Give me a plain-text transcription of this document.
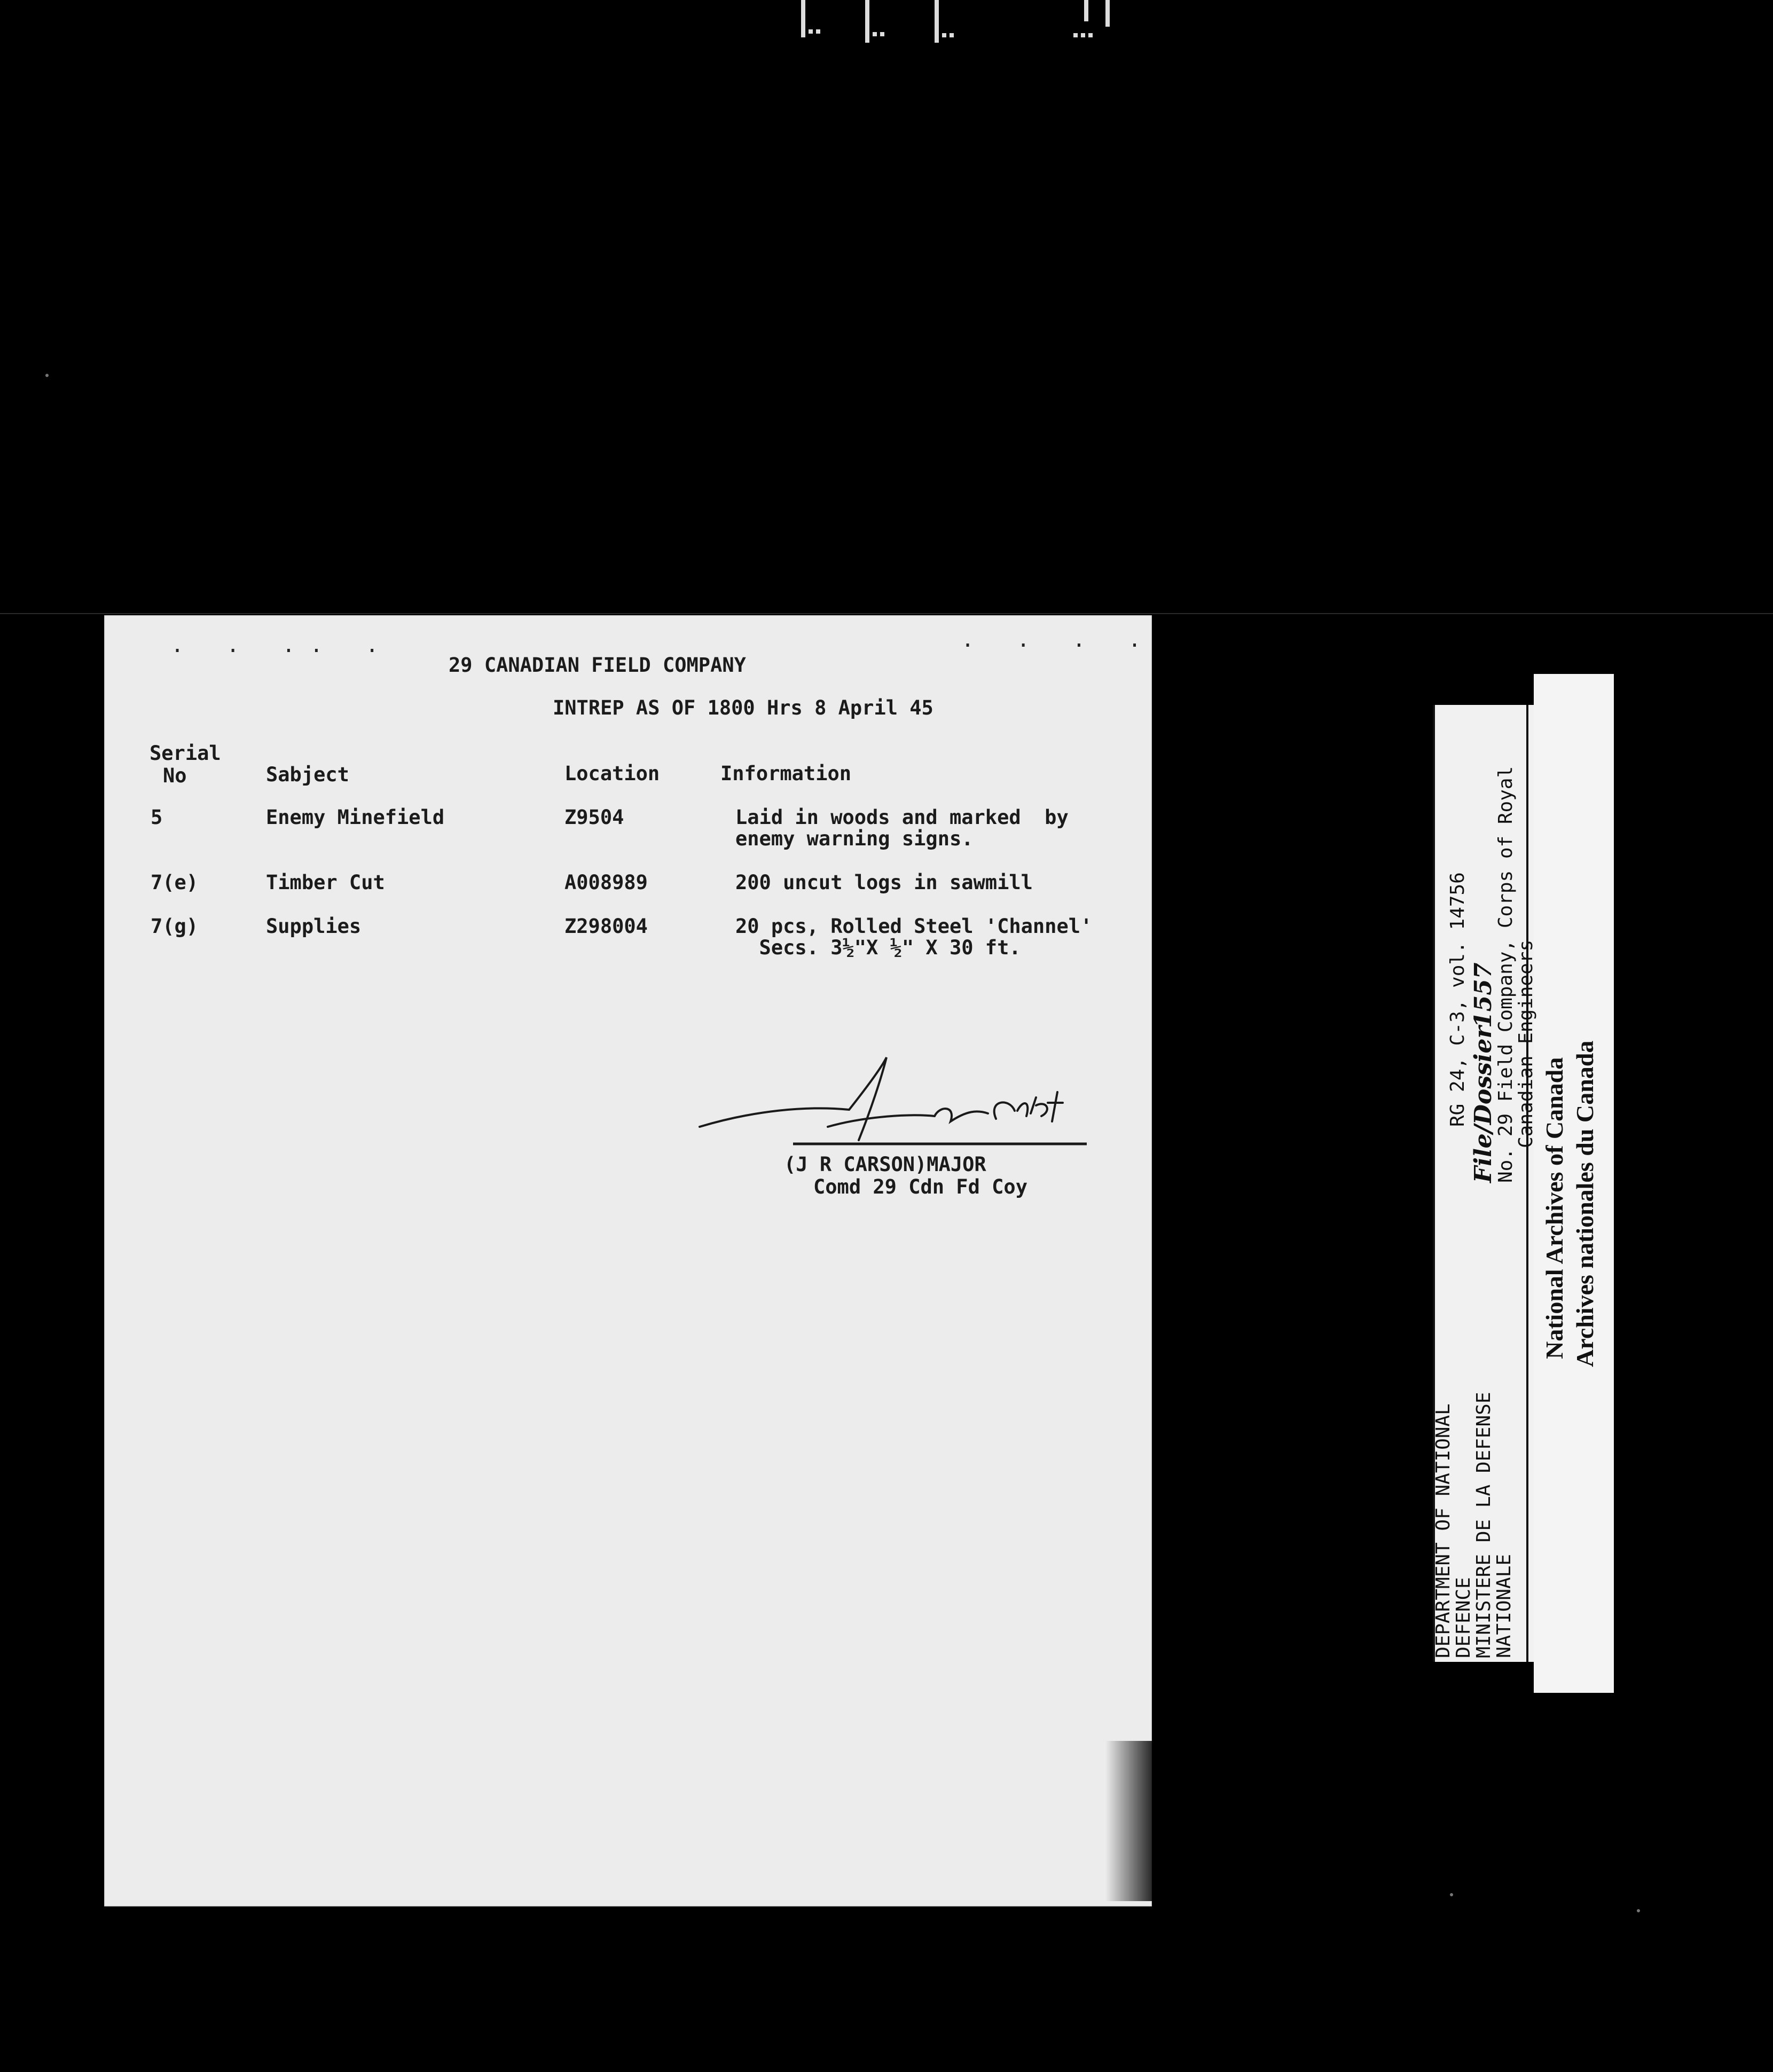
. . .. .	. . . .
29 CANADIAN FIELD COMPANY
INTREP AS OF 1800 Hrs 8 April 45
Serial
No	Sabject	Location	Information
5	Enemy Minefield	Z9504	Laid in woods and marked  by
enemy warning signs.
7(e)	Timber Cut	A008989	200 uncut logs in sawmill
7(g)	Supplies	Z298004	20 pcs, Rolled Steel 'Channel'
Secs. 3½"X ½" X 30 ft.
Capt.
(J R CARSON)MAJOR
Comd 29 Cdn Fd Coy
DEPARTMENT OF NATIONAL
DEFENCE
MINISTERE DE LA DEFENSE
NATIONALE
RG 24, C-3, vol. 14756 File/Dossier
1557
No. 29 Field Company, Corps of Royal
Canadian Engineers
National Archives of Canada Archives nationales du Canada
